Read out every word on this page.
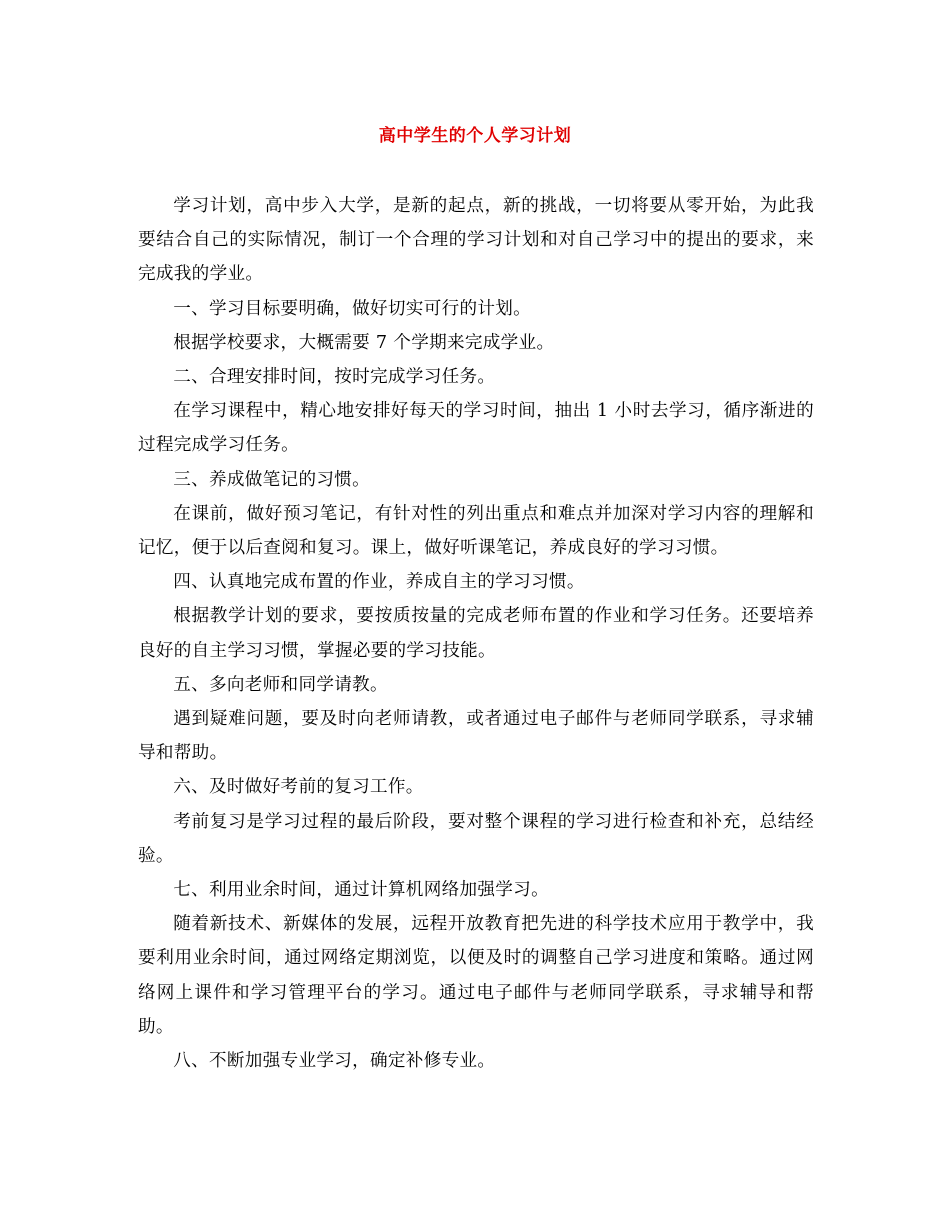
高中学生的个人学习计划

学习计划，高中步入大学，是新的起点，新的挑战，一切将要从零开始，为此我要结合自己的实际情况，制订一个合理的学习计划和对自己学习中的提出的要求，来完成我的学业。

一、学习目标要明确，做好切实可行的计划。

根据学校要求，大概需要 7 个学期来完成学业。

二、合理安排时间，按时完成学习任务。

在学习课程中，精心地安排好每天的学习时间，抽出 1 小时去学习，循序渐进的过程完成学习任务。

三、养成做笔记的习惯。

在课前，做好预习笔记，有针对性的列出重点和难点并加深对学习内容的理解和记忆，便于以后查阅和复习。课上，做好听课笔记，养成良好的学习习惯。

四、认真地完成布置的作业，养成自主的学习习惯。

根据教学计划的要求，要按质按量的完成老师布置的作业和学习任务。还要培养良好的自主学习习惯，掌握必要的学习技能。

五、多向老师和同学请教。

遇到疑难问题，要及时向老师请教，或者通过电子邮件与老师同学联系，寻求辅导和帮助。

六、及时做好考前的复习工作。

考前复习是学习过程的最后阶段，要对整个课程的学习进行检查和补充，总结经验。

七、利用业余时间，通过计算机网络加强学习。

随着新技术、新媒体的发展，远程开放教育把先进的科学技术应用于教学中，我要利用业余时间，通过网络定期浏览，以便及时的调整自己学习进度和策略。通过网络网上课件和学习管理平台的学习。通过电子邮件与老师同学联系，寻求辅导和帮助。

八、不断加强专业学习，确定补修专业。
